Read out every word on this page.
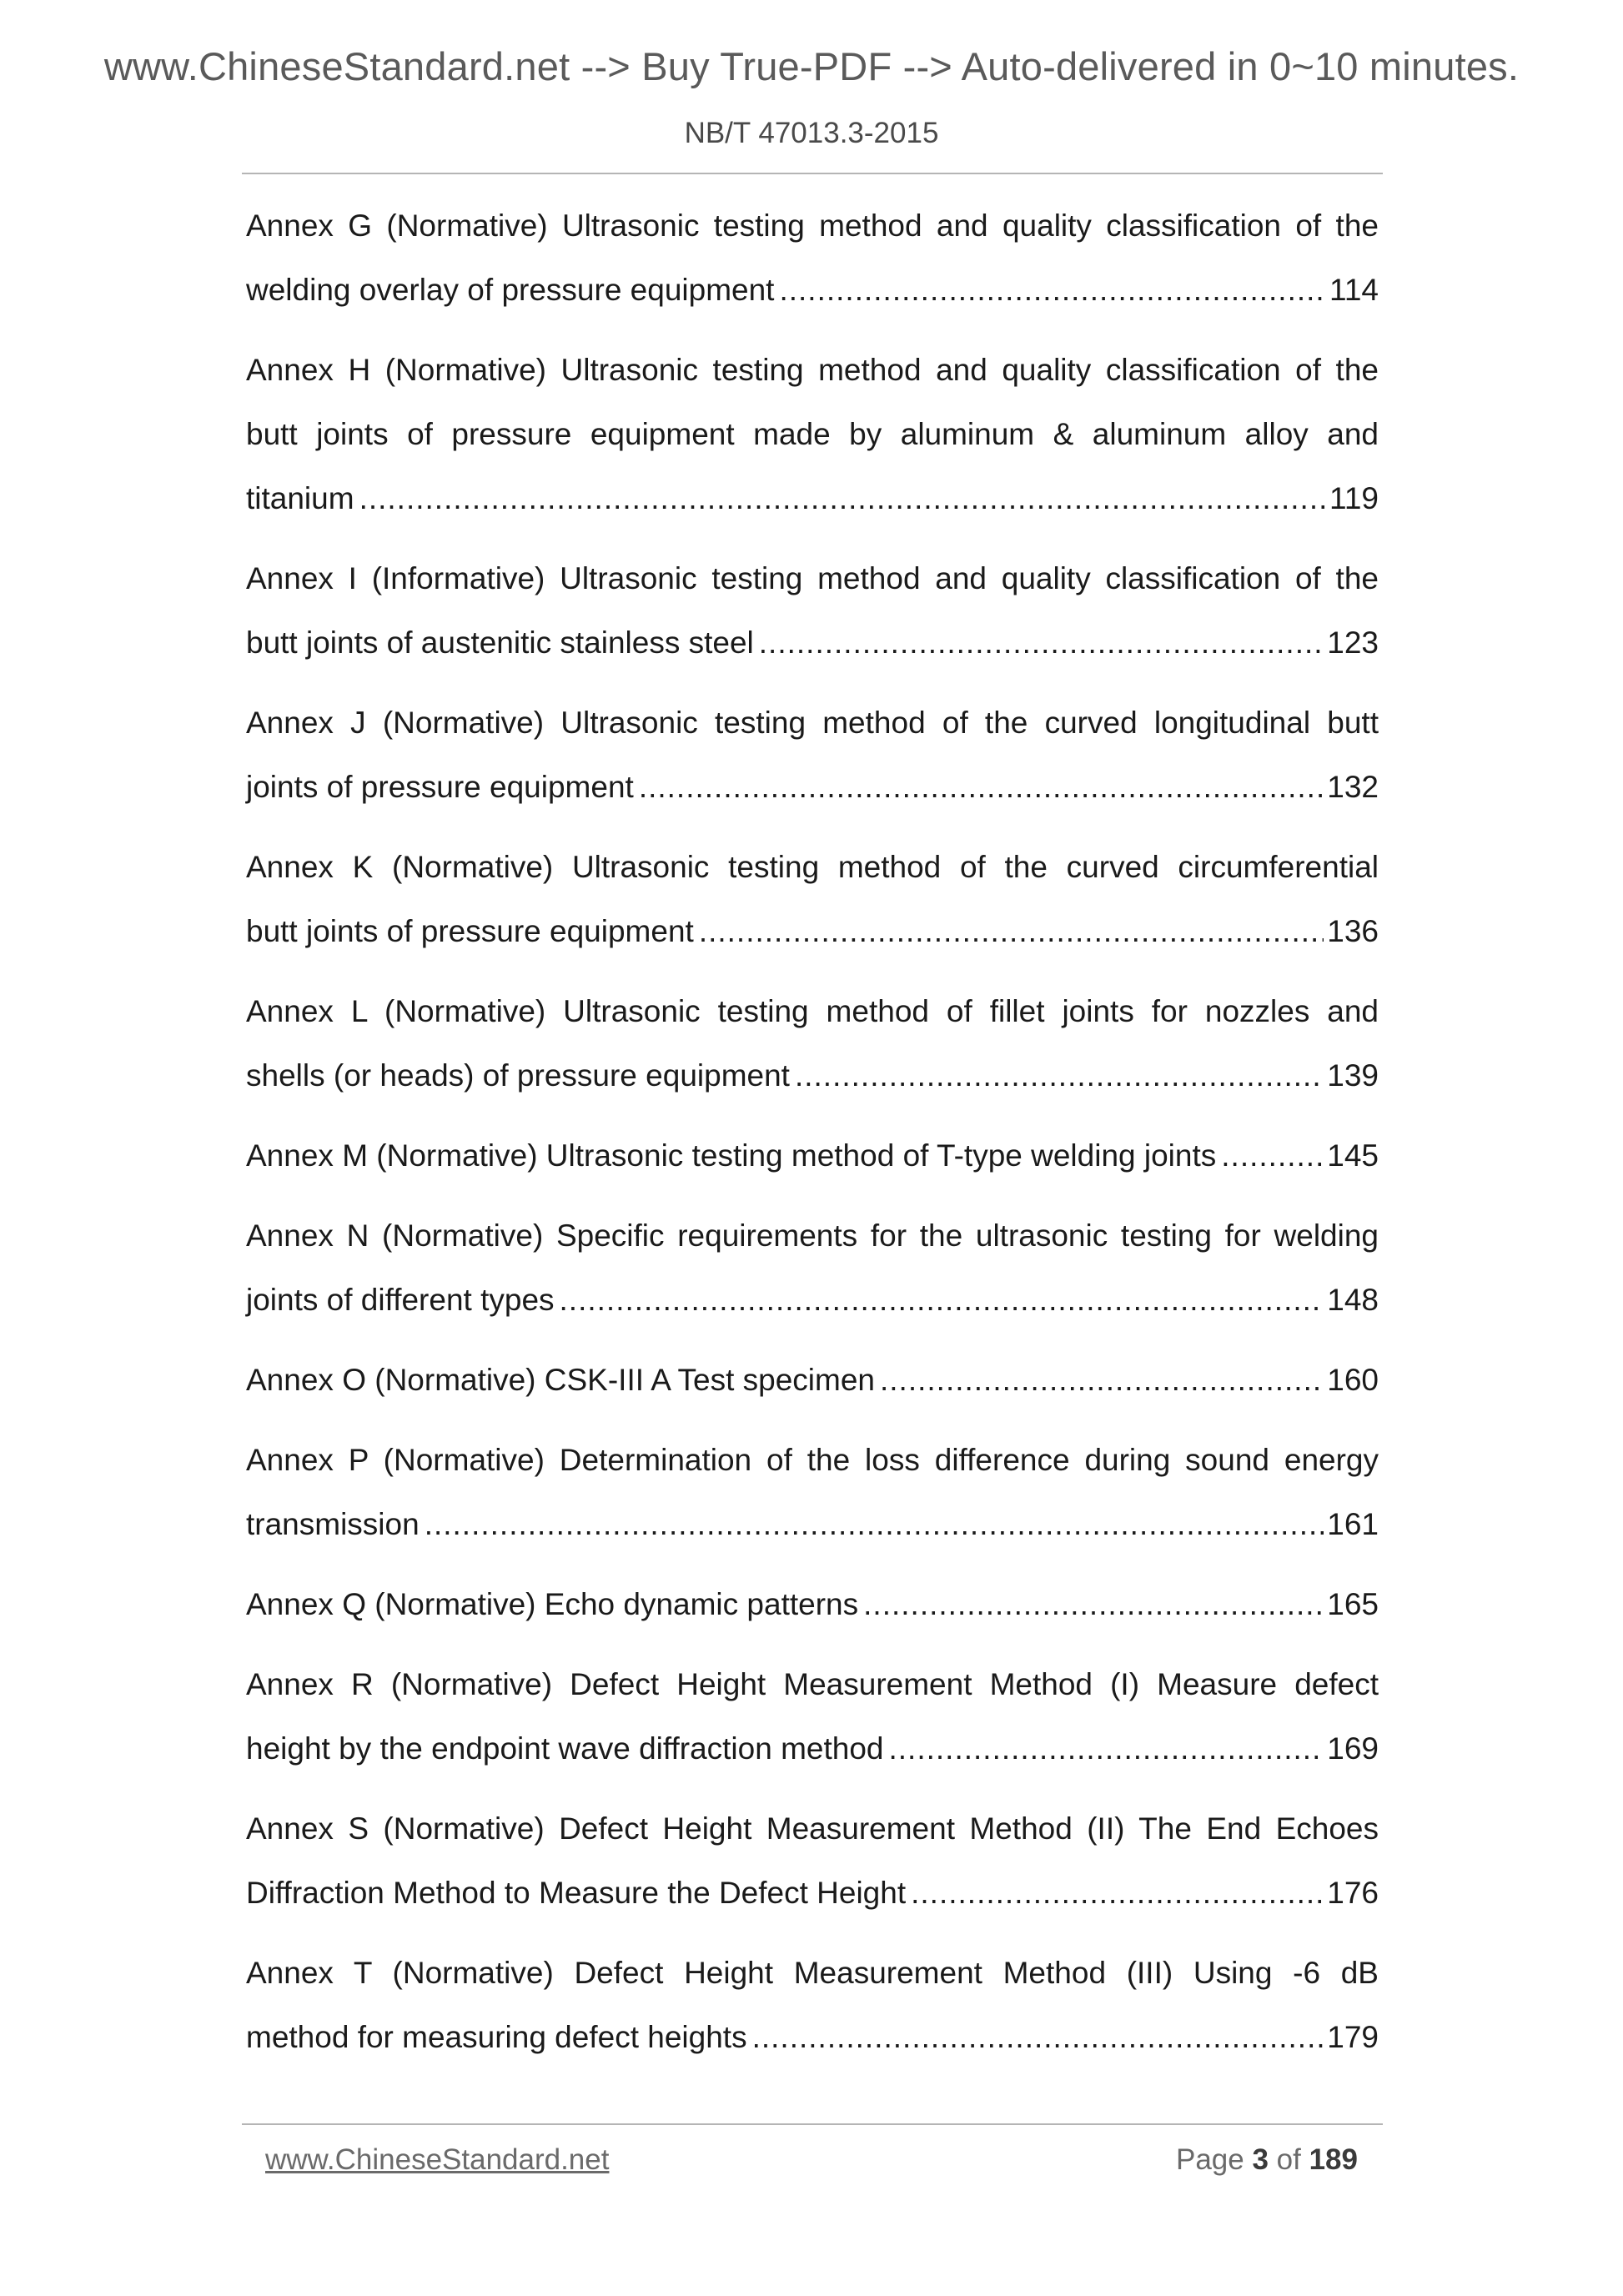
www.ChineseStandard.net --> Buy True-PDF --> Auto-delivered in 0~10 minutes.
NB/T 47013.3-2015
Annex G (Normative) Ultrasonic testing method and quality classification of the
welding overlay of pressure equipment .....	114
Annex H (Normative) Ultrasonic testing method and quality classification of the
butt joints of pressure equipment made by aluminum & aluminum alloy and
titanium .....	119
Annex I (Informative) Ultrasonic testing method and quality classification of the
butt joints of austenitic stainless steel .....	123
Annex J (Normative) Ultrasonic testing method of the curved longitudinal butt
joints of pressure equipment .....	132
Annex K (Normative) Ultrasonic testing method of the curved circumferential
butt joints of pressure equipment .....	136
Annex L (Normative) Ultrasonic testing method of fillet joints for nozzles and
shells (or heads) of pressure equipment .....	139
Annex M (Normative) Ultrasonic testing method of T-type welding joints .....	145
Annex N (Normative) Specific requirements for the ultrasonic testing for welding
joints of different types .....	148
Annex O (Normative) CSK-III A Test specimen .....	160
Annex P (Normative) Determination of the loss difference during sound energy
transmission .....	161
Annex Q (Normative) Echo dynamic patterns .....	165
Annex R (Normative) Defect Height Measurement Method (I) Measure defect
height by the endpoint wave diffraction method .....	169
Annex S (Normative) Defect Height Measurement Method (II) The End Echoes
Diffraction Method to Measure the Defect Height .....	176
Annex T (Normative) Defect Height Measurement Method (III) Using -6 dB
method for measuring defect heights .....	179
www.ChineseStandard.net	Page 3 of 189
